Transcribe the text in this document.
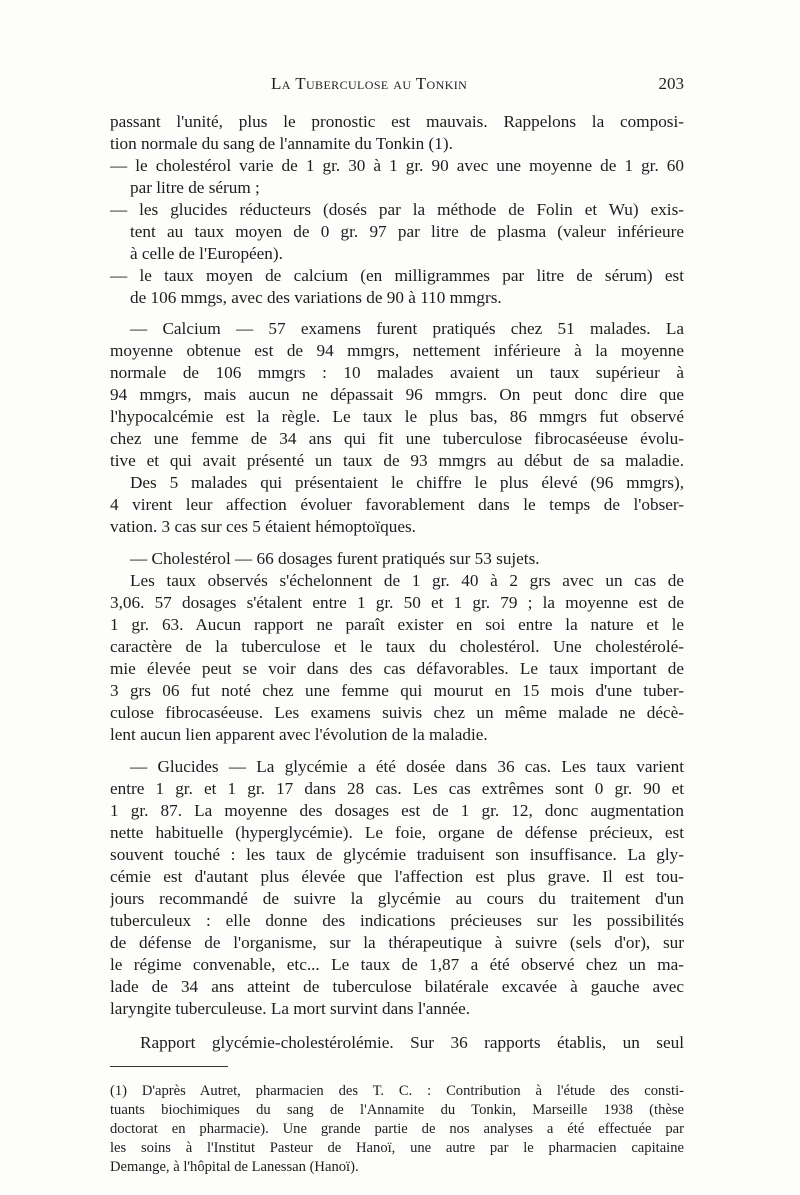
La Tuberculose au Tonkin	203
passant l'unité, plus le pronostic est mauvais. Rappelons la composi-
tion normale du sang de l'annamite du Tonkin (1).
— le cholestérol varie de 1 gr. 30 à 1 gr. 90 avec une moyenne de 1 gr. 60
par litre de sérum ;
— les glucides réducteurs (dosés par la méthode de Folin et Wu) exis-
tent au taux moyen de 0 gr. 97 par litre de plasma (valeur inférieure
à celle de l'Européen).
— le taux moyen de calcium (en milligrammes par litre de sérum) est
de 106 mmgs, avec des variations de 90 à 110 mmgrs.
— Calcium — 57 examens furent pratiqués chez 51 malades. La
moyenne obtenue est de 94 mmgrs, nettement inférieure à la moyenne
normale de 106 mmgrs : 10 malades avaient un taux supérieur à
94 mmgrs, mais aucun ne dépassait 96 mmgrs. On peut donc dire que
l'hypocalcémie est la règle. Le taux le plus bas, 86 mmgrs fut observé
chez une femme de 34 ans qui fit une tuberculose fibrocaséeuse évolu-
tive et qui avait présenté un taux de 93 mmgrs au début de sa maladie.
Des 5 malades qui présentaient le chiffre le plus élevé (96 mmgrs),
4 virent leur affection évoluer favorablement dans le temps de l'obser-
vation. 3 cas sur ces 5 étaient hémoptoïques.
— Cholestérol — 66 dosages furent pratiqués sur 53 sujets.
Les taux observés s'échelonnent de 1 gr. 40 à 2 grs avec un cas de
3,06. 57 dosages s'étalent entre 1 gr. 50 et 1 gr. 79 ; la moyenne est de
1 gr. 63. Aucun rapport ne paraît exister en soi entre la nature et le
caractère de la tuberculose et le taux du cholestérol. Une cholestérolé-
mie élevée peut se voir dans des cas défavorables. Le taux important de
3 grs 06 fut noté chez une femme qui mourut en 15 mois d'une tuber-
culose fibrocaséeuse. Les examens suivis chez un même malade ne décè-
lent aucun lien apparent avec l'évolution de la maladie.
— Glucides — La glycémie a été dosée dans 36 cas. Les taux varient
entre 1 gr. et 1 gr. 17 dans 28 cas. Les cas extrêmes sont 0 gr. 90 et
1 gr. 87. La moyenne des dosages est de 1 gr. 12, donc augmentation
nette habituelle (hyperglycémie). Le foie, organe de défense précieux, est
souvent touché : les taux de glycémie traduisent son insuffisance. La gly-
cémie est d'autant plus élevée que l'affection est plus grave. Il est tou-
jours recommandé de suivre la glycémie au cours du traitement d'un
tuberculeux : elle donne des indications précieuses sur les possibilités
de défense de l'organisme, sur la thérapeutique à suivre (sels d'or), sur
le régime convenable, etc... Le taux de 1,87 a été observé chez un ma-
lade de 34 ans atteint de tuberculose bilatérale excavée à gauche avec
laryngite tuberculeuse. La mort survint dans l'année.
Rapport glycémie-cholestérolémie. Sur 36 rapports établis, un seul
(1) D'après Autret, pharmacien des T. C. : Contribution à l'étude des consti-
tuants biochimiques du sang de l'Annamite du Tonkin, Marseille 1938 (thèse
doctorat en pharmacie). Une grande partie de nos analyses a été effectuée par
les soins à l'Institut Pasteur de Hanoï, une autre par le pharmacien capitaine
Demange, à l'hôpital de Lanessan (Hanoï).
